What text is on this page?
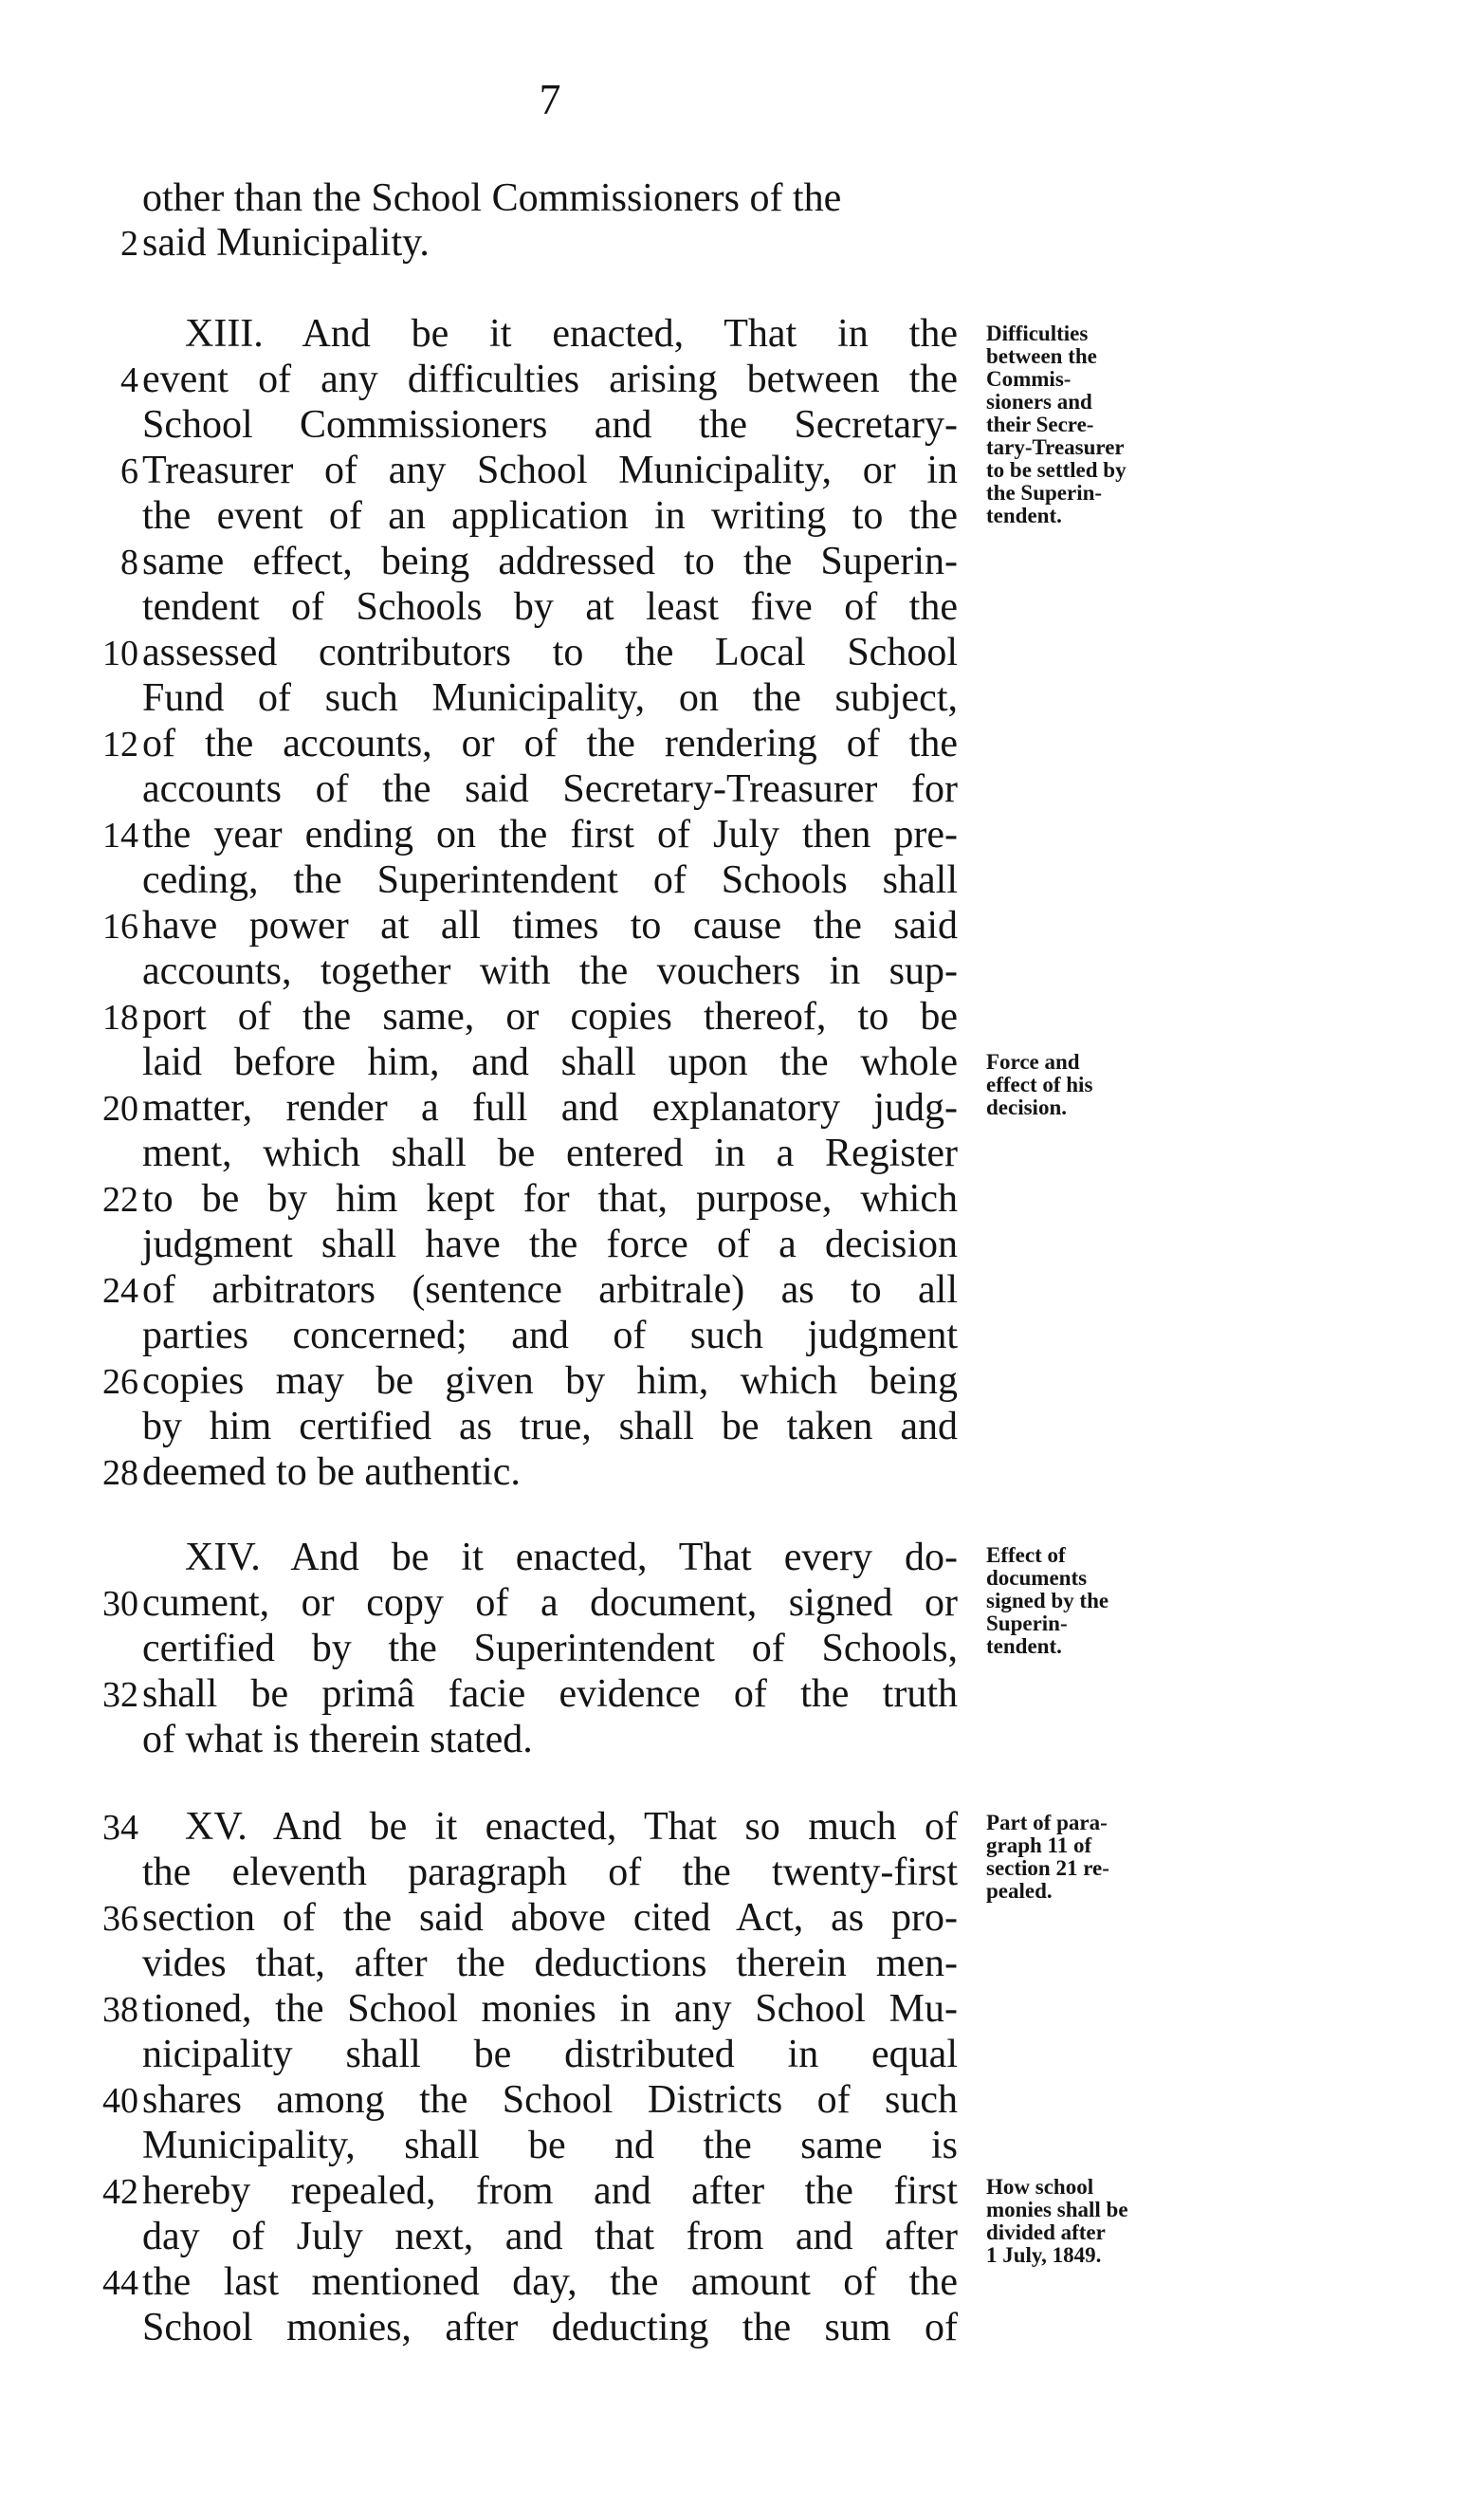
7
other than the School Commissioners of the
2 said Municipality.
XIII. And be it enacted, That in the
4 event of any difficulties arising between the
School Commissioners and the Secretary-
6 Treasurer of any School Municipality, or in
the event of an application in writing to the
8 same effect, being addressed to the Superin-
tendent of Schools by at least five of the
10 assessed contributors to the Local School
Fund of such Municipality, on the subject,
12 of the accounts, or of the rendering of the
accounts of the said Secretary-Treasurer for
14 the year ending on the first of July then pre-
ceding, the Superintendent of Schools shall
16 have power at all times to cause the said
accounts, together with the vouchers in sup-
18 port of the same, or copies thereof, to be
laid before him, and shall upon the whole
20 matter, render a full and explanatory judg-
ment, which shall be entered in a Register
22 to be by him kept for that, purpose, which
judgment shall have the force of a decision
24 of arbitrators (sentence arbitrale) as to all
parties concerned; and of such judgment
26 copies may be given by him, which being
by him certified as true, shall be taken and
28 deemed to be authentic.
XIV. And be it enacted, That every do-
30 cument, or copy of a document, signed or
certified by the Superintendent of Schools,
32 shall be primâ facie evidence of the truth
of what is therein stated.
34 XV. And be it enacted, That so much of
the eleventh paragraph of the twenty-first
36 section of the said above cited Act, as pro-
vides that, after the deductions therein men-
38 tioned, the School monies in any School Mu-
nicipality shall be distributed in equal
40 shares among the School Districts of such
Municipality, shall be nd the same is
42 hereby repealed, from and after the first
day of July next, and that from and after
44 the last mentioned day, the amount of the
School monies, after deducting the sum of
Difficulties
between the
Commis-
sioners and
their Secre-
tary-Treasurer
to be settled by
the Superin-
tendent.
Force and
effect of his
decision.
Effect of
documents
signed by the
Superin-
tendent.
Part of para-
graph 11 of
section 21 re-
pealed.
How school
monies shall be
divided after
1 July, 1849.
